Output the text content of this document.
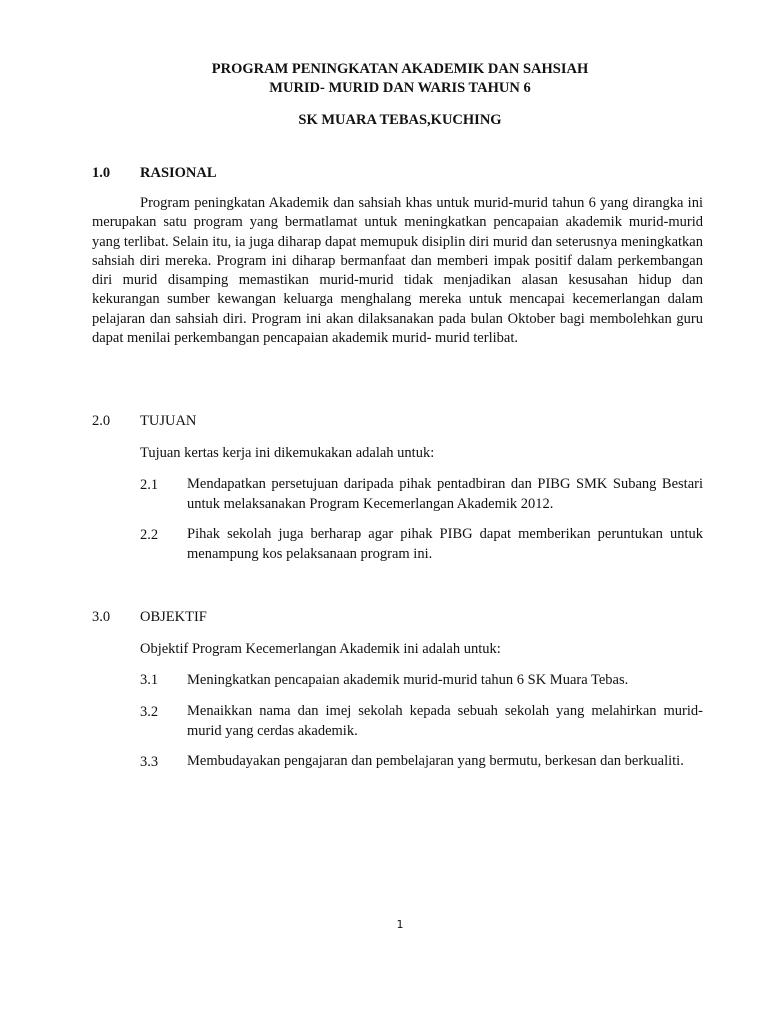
PROGRAM PENINGKATAN AKADEMIK DAN SAHSIAH
MURID- MURID DAN WARIS TAHUN 6
SK MUARA TEBAS,KUCHING
1.0 RASIONAL

Program peningkatan Akademik dan sahsiah khas untuk murid-murid tahun 6 yang dirangka ini merupakan satu program yang bermatlamat untuk meningkatkan pencapaian akademik murid-murid yang terlibat. Selain itu, ia juga diharap dapat memupuk disiplin diri murid dan seterusnya meningkatkan sahsiah diri mereka. Program ini diharap bermanfaat dan memberi impak positif dalam perkembangan diri murid disamping memastikan murid-murid tidak menjadikan alasan kesusahan hidup dan kekurangan sumber kewangan keluarga menghalang mereka untuk mencapai kecemerlangan dalam pelajaran dan sahsiah diri. Program ini akan dilaksanakan pada bulan Oktober bagi membolehkan guru dapat menilai perkembangan pencapaian akademik murid- murid terlibat.

2.0 TUJUAN
Tujuan kertas kerja ini dikemukakan adalah untuk:
2.1 Mendapatkan persetujuan daripada pihak pentadbiran dan PIBG SMK Subang Bestari untuk melaksanakan Program Kecemerlangan Akademik 2012.

2.2 Pihak sekolah juga berharap agar pihak PIBG dapat memberikan peruntukan untuk menampung kos pelaksanaan program ini.

3.0 OBJEKTIF
Objektif Program Kecemerlangan Akademik ini adalah untuk:
3.1 Meningkatkan pencapaian akademik murid-murid tahun 6 SK Muara Tebas.

3.2 Menaikkan nama dan imej sekolah kepada sebuah sekolah yang melahirkan murid-murid yang cerdas akademik.

3.3 Membudayakan pengajaran dan pembelajaran yang bermutu, berkesan dan berkualiti.

1
